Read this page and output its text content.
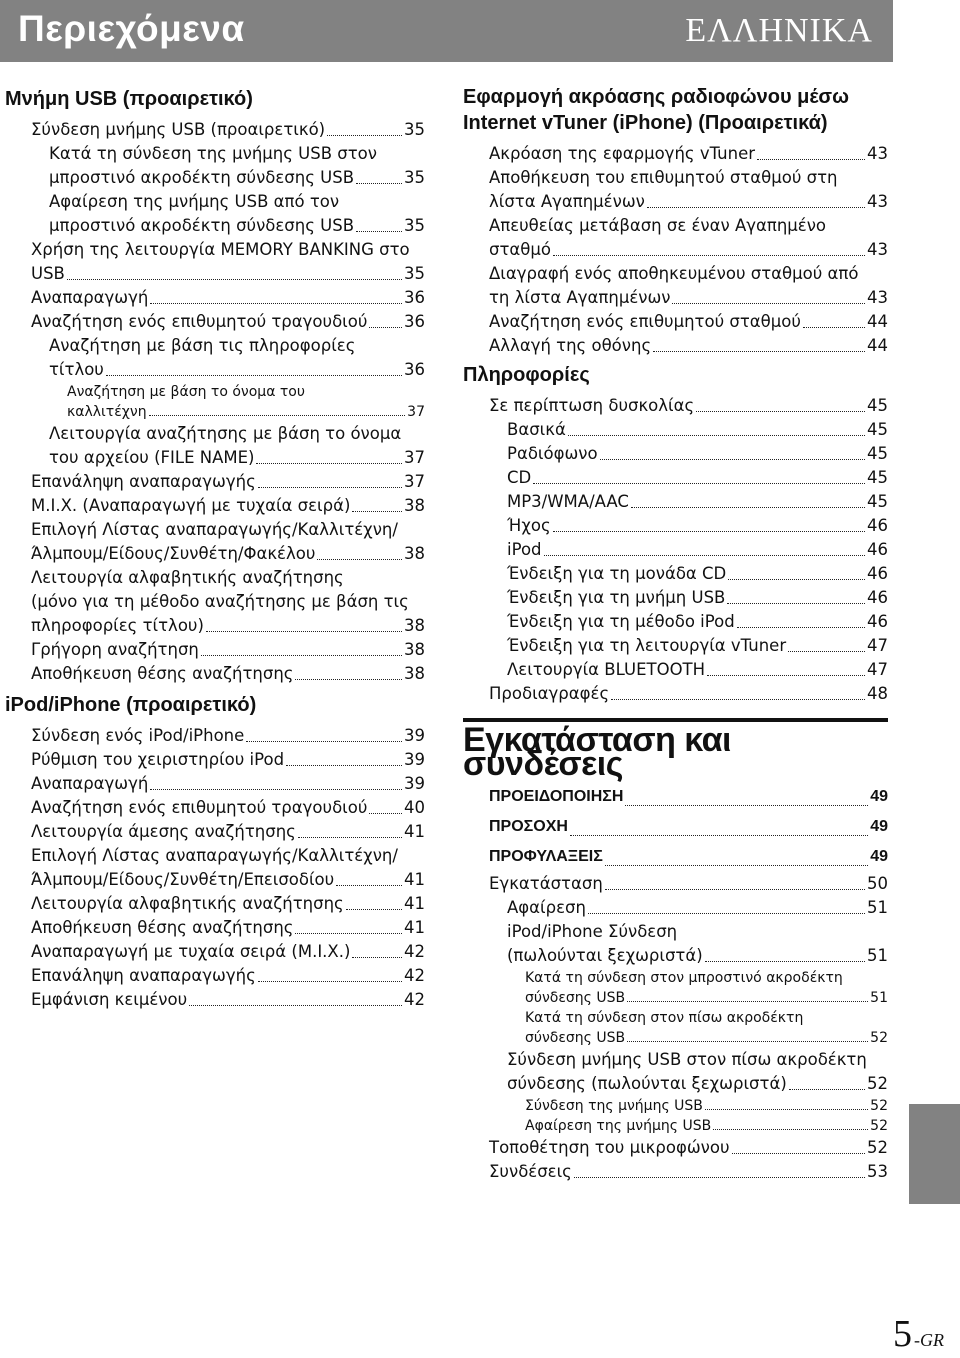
Περιεχόμενα	ΕΛΛΗΝΙΚΑ
Μνήμη USB (προαιρετικό)
Σύνδεση μνήμης USB (προαιρετικό)	35
Κατά τη σύνδεση της μνήμης USB στον
μπροστινό ακροδέκτη σύνδεσης USB	35
Αφαίρεση της μνήμης USB από τον
μπροστινό ακροδέκτη σύνδεσης USB	35
Χρήση της λειτουργία MEMORY BANKING στο
USB	35
Αναπαραγωγή	36
Αναζήτηση ενός επιθυμητού τραγουδιού 36
Αναζήτηση με βάση τις πληροφορίες
τίτλου	36
Αναζήτηση με βάση το όνομα του
καλλιτέχνη	37
Λειτουργία αναζήτησης με βάση το όνομα
του αρχείου (FILE NAME)	37
Επανάληψη αναπαραγωγής	37
M.I.X. (Αναπαραγωγή με τυχαία σειρά)	38
Επιλογή Λίστας αναπαραγωγής/Καλλιτέχνη/
Άλμπουμ/Είδους/Συνθέτη/Φακέλου	38
Λειτουργία αλφαβητικής αναζήτησης
(μόνο για τη μέθοδο αναζήτησης με βάση τις
πληροφορίες τίτλου)	38
Γρήγορη αναζήτηση	38
Αποθήκευση θέσης αναζήτησης	38
iPod/iPhone (προαιρετικό)
Σύνδεση ενός iPod/iPhone	39
Ρύθμιση του χειριστηρίου iPod	39
Αναπαραγωγή	39
Αναζήτηση ενός επιθυμητού τραγουδιού 40
Λειτουργία άμεσης αναζήτησης	41
Επιλογή Λίστας αναπαραγωγής/Καλλιτέχνη/
Άλμπουμ/Είδους/Συνθέτη/Επεισοδίου	41
Λειτουργία αλφαβητικής αναζήτησης	41
Αποθήκευση θέσης αναζήτησης	41
Αναπαραγωγή με τυχαία σειρά (M.I.X.)	42
Επανάληψη αναπαραγωγής	42
Εμφάνιση κειμένου	42
Εφαρμογή ακρόασης ραδιοφώνου μέσω Internet vTuner (iPhone) (Προαιρετικά)
Ακρόαση της εφαρμογής vTuner	43
Αποθήκευση του επιθυμητού σταθμού στη
λίστα Αγαπημένων	43
Απευθείας μετάβαση σε έναν Αγαπημένο
σταθμό	43
Διαγραφή ενός αποθηκευμένου σταθμού από
τη λίστα Αγαπημένων	43
Αναζήτηση ενός επιθυμητού σταθμού	44
Αλλαγή της οθόνης	44
Πληροφορίες
Σε περίπτωση δυσκολίας	45
Βασικά	45
Ραδιόφωνο	45
CD	45
MP3/WMA/AAC	45
Ήχος	46
iPod	46
Ένδειξη για τη μονάδα CD	46
Ένδειξη για τη μνήμη USB	46
Ένδειξη για τη μέθοδο iPod	46
Ένδειξη για τη λειτουργία vTuner	47
Λειτουργία BLUETOOTH	47
Προδιαγραφές	48
Εγκατάσταση και συνδέσεις
ΠΡΟΕΙΔΟΠΟΙΗΣΗ	49
ΠΡΟΣΟΧΗ	49
ΠΡΟΦΥΛΑΞΕΙΣ	49
Εγκατάσταση	50
Αφαίρεση	51
iPod/iPhone Σύνδεση
(πωλούνται ξεχωριστά)	51
Κατά τη σύνδεση στον μπροστινό ακροδέκτη
σύνδεσης USB	51
Κατά τη σύνδεση στον πίσω ακροδέκτη
σύνδεσης USB	52
Σύνδεση μνήμης USB στον πίσω ακροδέκτη
σύνδεσης (πωλούνται ξεχωριστά)	52
Σύνδεση της μνήμης USB	52
Αφαίρεση της μνήμης USB	52
Τοποθέτηση του μικροφώνου	52
Συνδέσεις	53
5 -GR
